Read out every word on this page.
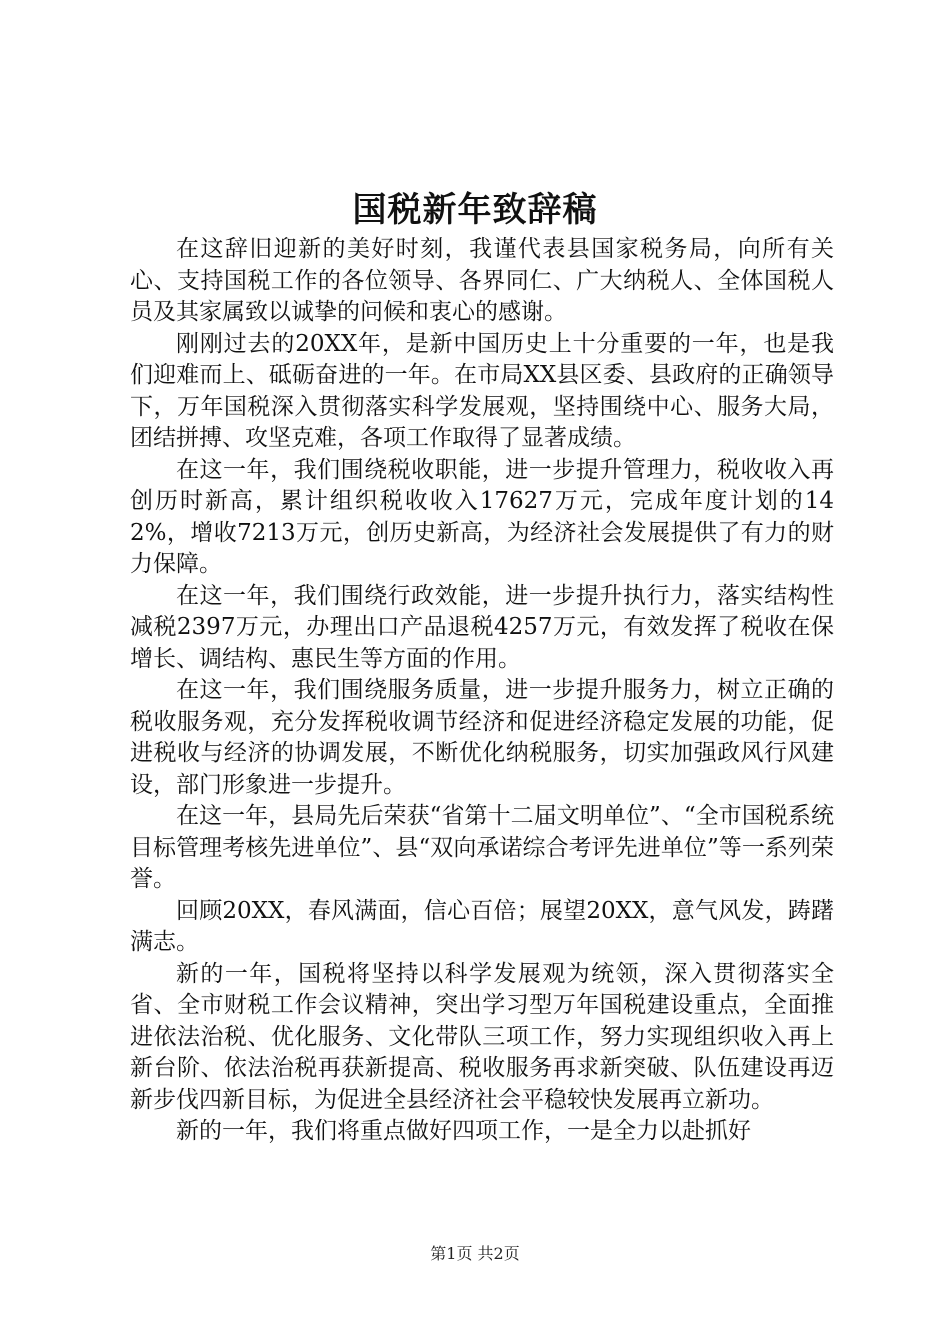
国税新年致辞稿

在这辞旧迎新的美好时刻，我谨代表县国家税务局，向所有关心、支持国税工作的各位领导、各界同仁、广大纳税人、全体国税人员及其家属致以诚挚的问候和衷心的感谢。

刚刚过去的20XX年，是新中国历史上十分重要的一年，也是我们迎难而上、砥砺奋进的一年。在市局XX县区委、县政府的正确领导下，万年国税深入贯彻落实科学发展观，坚持围绕中心、服务大局，团结拼搏、攻坚克难，各项工作取得了显著成绩。

在这一年，我们围绕税收职能，进一步提升管理力，税收收入再创历时新高，累计组织税收收入17627万元，完成年度计划的142%，增收7213万元，创历史新高，为经济社会发展提供了有力的财力保障。

在这一年，我们围绕行政效能，进一步提升执行力，落实结构性减税2397万元，办理出口产品退税4257万元，有效发挥了税收在保增长、调结构、惠民生等方面的作用。

在这一年，我们围绕服务质量，进一步提升服务力，树立正确的税收服务观，充分发挥税收调节经济和促进经济稳定发展的功能，促进税收与经济的协调发展，不断优化纳税服务，切实加强政风行风建设，部门形象进一步提升。

在这一年，县局先后荣获“省第十二届文明单位”、“全市国税系统目标管理考核先进单位”、县“双向承诺综合考评先进单位”等一系列荣誉。

回顾20XX，春风满面，信心百倍；展望20XX，意气风发，踌躇满志。

新的一年，国税将坚持以科学发展观为统领，深入贯彻落实全省、全市财税工作会议精神，突出学习型万年国税建设重点，全面推进依法治税、优化服务、文化带队三项工作，努力实现组织收入再上新台阶、依法治税再获新提高、税收服务再求新突破、队伍建设再迈新步伐四新目标，为促进全县经济社会平稳较快发展再立新功。

新的一年，我们将重点做好四项工作，一是全力以赴抓好

第1页 共2页
